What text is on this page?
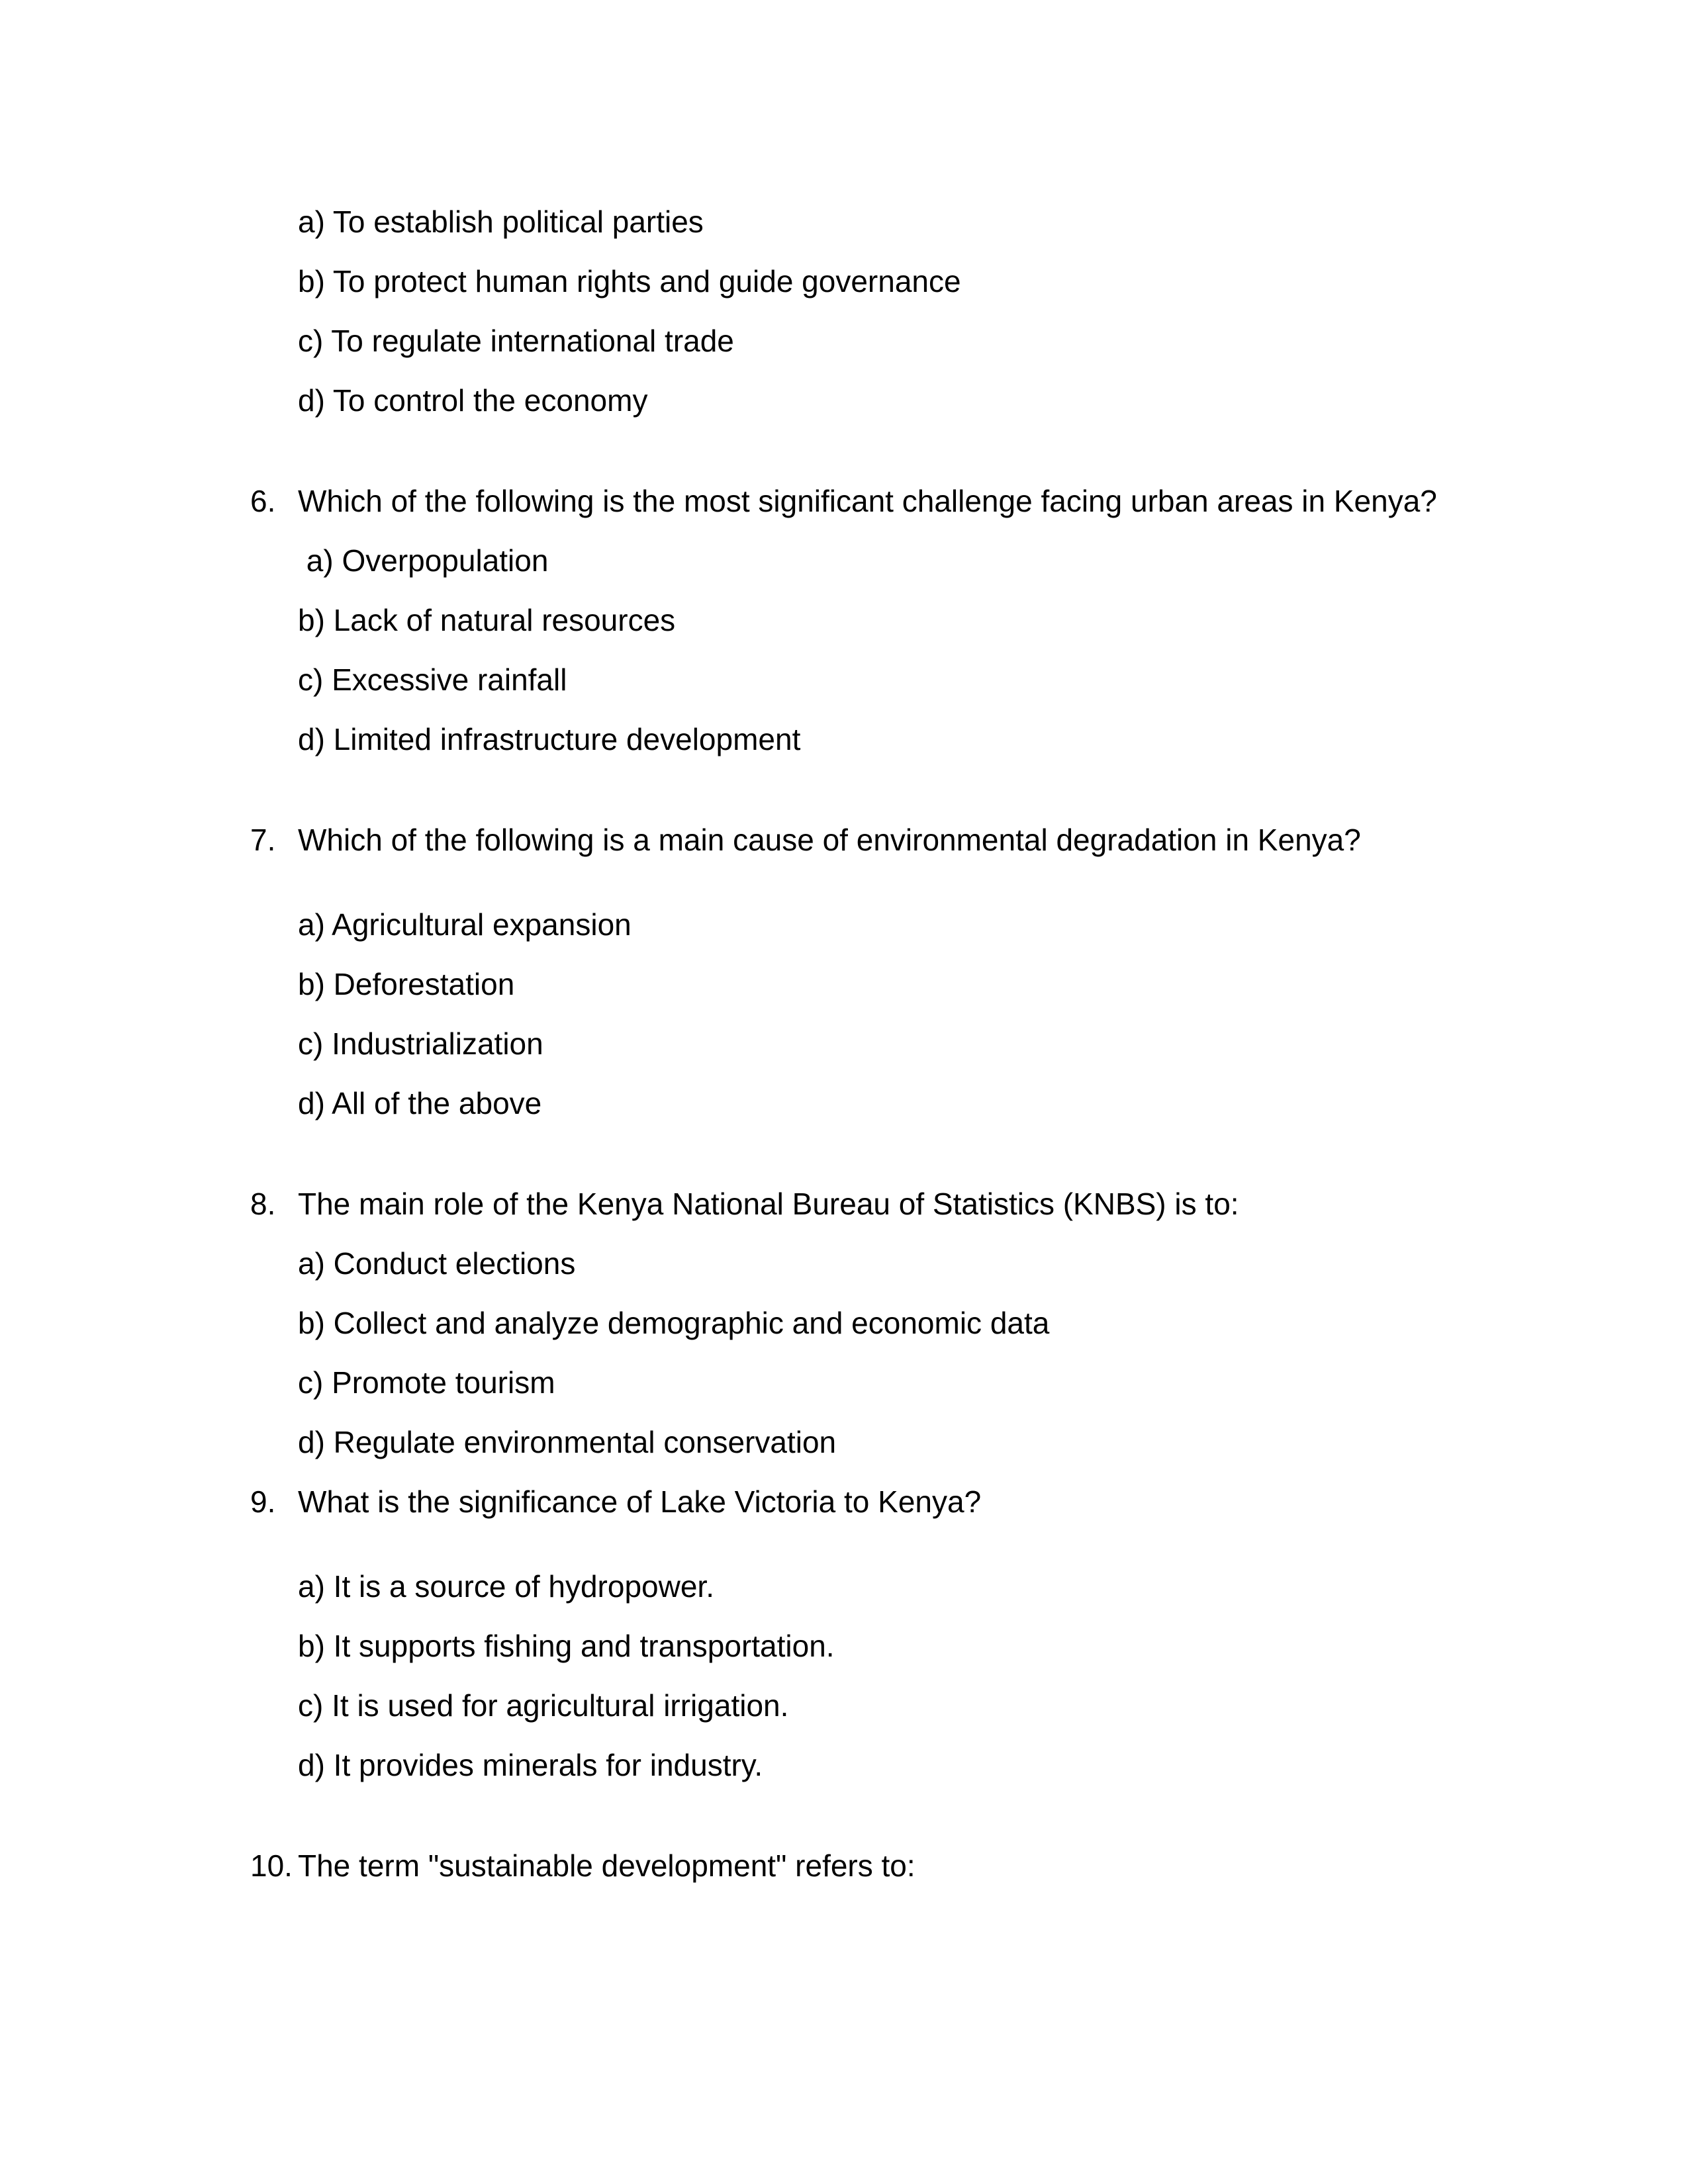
a) To establish political parties
b) To protect human rights and guide governance
c) To regulate international trade
d) To control the economy
6. Which of the following is the most significant challenge facing urban areas in Kenya?
a) Overpopulation
b) Lack of natural resources
c) Excessive rainfall
d) Limited infrastructure development
7. Which of the following is a main cause of environmental degradation in Kenya?
a) Agricultural expansion
b) Deforestation
c) Industrialization
d) All of the above
8. The main role of the Kenya National Bureau of Statistics (KNBS) is to:
a) Conduct elections
b) Collect and analyze demographic and economic data
c) Promote tourism
d) Regulate environmental conservation
9. What is the significance of Lake Victoria to Kenya?
a) It is a source of hydropower.
b) It supports fishing and transportation.
c) It is used for agricultural irrigation.
d) It provides minerals for industry.
10. The term "sustainable development" refers to:
